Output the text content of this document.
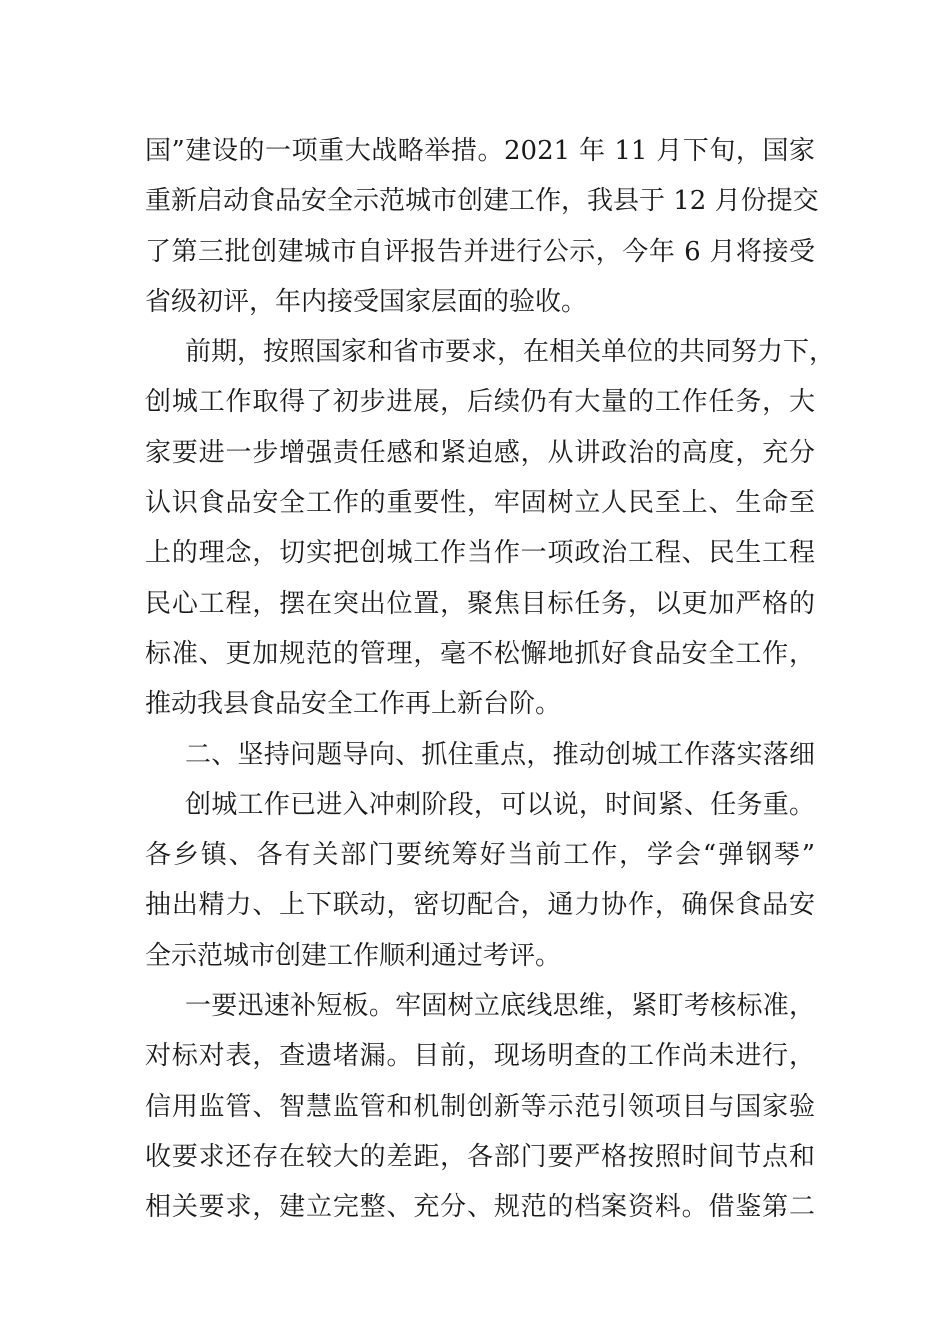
国”建设的一项重大战略举措。2021 年 11 月下旬，国家
重新启动食品安全示范城市创建工作，我县于 12 月份提交
了第三批创建城市自评报告并进行公示，今年 6 月将接受
省级初评，年内接受国家层面的验收。
前期，按照国家和省市要求，在相关单位的共同努力下，
创城工作取得了初步进展，后续仍有大量的工作任务，大
家要进一步增强责任感和紧迫感，从讲政治的高度，充分
认识食品安全工作的重要性，牢固树立人民至上、生命至
上的理念，切实把创城工作当作一项政治工程、民生工程
民心工程，摆在突出位置，聚焦目标任务，以更加严格的
标准、更加规范的管理，毫不松懈地抓好食品安全工作，
推动我县食品安全工作再上新台阶。
二、坚持问题导向、抓住重点，推动创城工作落实落细
创城工作已进入冲刺阶段，可以说，时间紧、任务重。
各乡镇、各有关部门要统筹好当前工作，学会“弹钢琴”
抽出精力、上下联动，密切配合，通力协作，确保食品安
全示范城市创建工作顺利通过考评。
一要迅速补短板。牢固树立底线思维，紧盯考核标准，
对标对表，查遗堵漏。目前，现场明查的工作尚未进行，
信用监管、智慧监管和机制创新等示范引领项目与国家验
收要求还存在较大的差距，各部门要严格按照时间节点和
相关要求，建立完整、充分、规范的档案资料。借鉴第二
